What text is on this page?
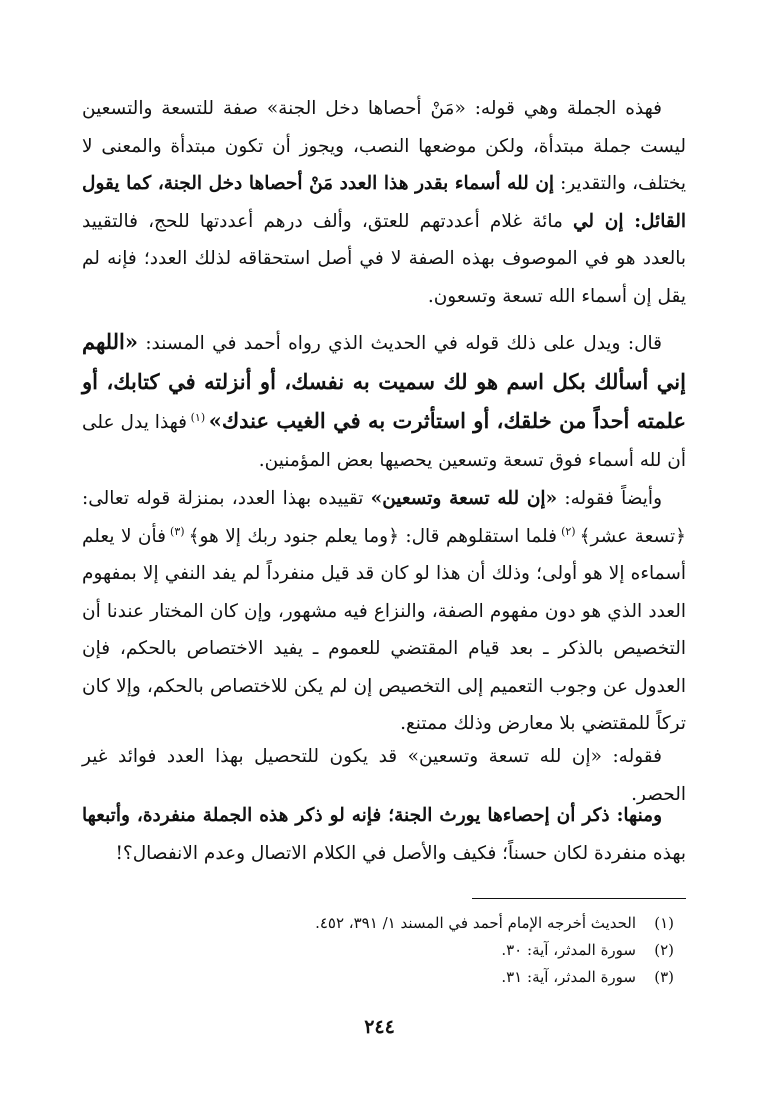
فهذه الجملة وهي قوله: «مَنْ أحصاها دخل الجنة» صفة للتسعة والتسعين ليست جملة مبتدأة، ولكن موضعها النصب، ويجوز أن تكون مبتدأة والمعنى لا يختلف، والتقدير: إن لله أسماء بقدر هذا العدد مَنْ أحصاها دخل الجنة، كما يقول القائل: إن لي مائة غلام أعددتهم للعتق، وألف درهم أعددتها للحج، فالتقييد بالعدد هو في الموصوف بهذه الصفة لا في أصل استحقاقه لذلك العدد؛ فإنه لم يقل إن أسماء الله تسعة وتسعون.

قال: ويدل على ذلك قوله في الحديث الذي رواه أحمد في المسند: «اللهم إني أسألك بكل اسم هو لك سميت به نفسك، أو أنزلته في كتابك، أو علمته أحداً من خلقك، أو استأثرت به في الغيب عندك» $^{(١)}$ فهذا يدل على أن لله أسماء فوق تسعة وتسعين يحصيها بعض المؤمنين.

وأيضاً فقوله: «إن لله تسعة وتسعين» تقييده بهذا العدد، بمنزلة قوله تعالى: ﴿تسعة عشر﴾ $^{(٢)}$ فلما استقلوهم قال: ﴿وما يعلم جنود ربك إلا هو﴾ $^{(٣)}$ فأن لا يعلم أسماءه إلا هو أولى؛ وذلك أن هذا لو كان قد قيل منفرداً لم يفد النفي إلا بمفهوم العدد الذي هو دون مفهوم الصفة، والنزاع فيه مشهور، وإن كان المختار عندنا أن التخصيص بالذكر ـ بعد قيام المقتضي للعموم ـ يفيد الاختصاص بالحكم، فإن العدول عن وجوب التعميم إلى التخصيص إن لم يكن للاختصاص بالحكم، وإلا كان تركاً للمقتضي بلا معارض وذلك ممتنع.

فقوله: «إن لله تسعة وتسعين» قد يكون للتحصيل بهذا العدد فوائد غير الحصر.

ومنها: ذكر أن إحصاءها يورث الجنة؛ فإنه لو ذكر هذه الجملة منفردة، وأتبعها بهذه منفردة لكان حسناً؛ فكيف والأصل في الكلام الاتصال وعدم الانفصال؟!

(١)الحديث أخرجه الإمام أحمد في المسند ١/ ٣٩١، ٤٥٢.
(٢)سورة المدثر، آية: ٣٠.
(٣)سورة المدثر، آية: ٣١.
٢٤٤
